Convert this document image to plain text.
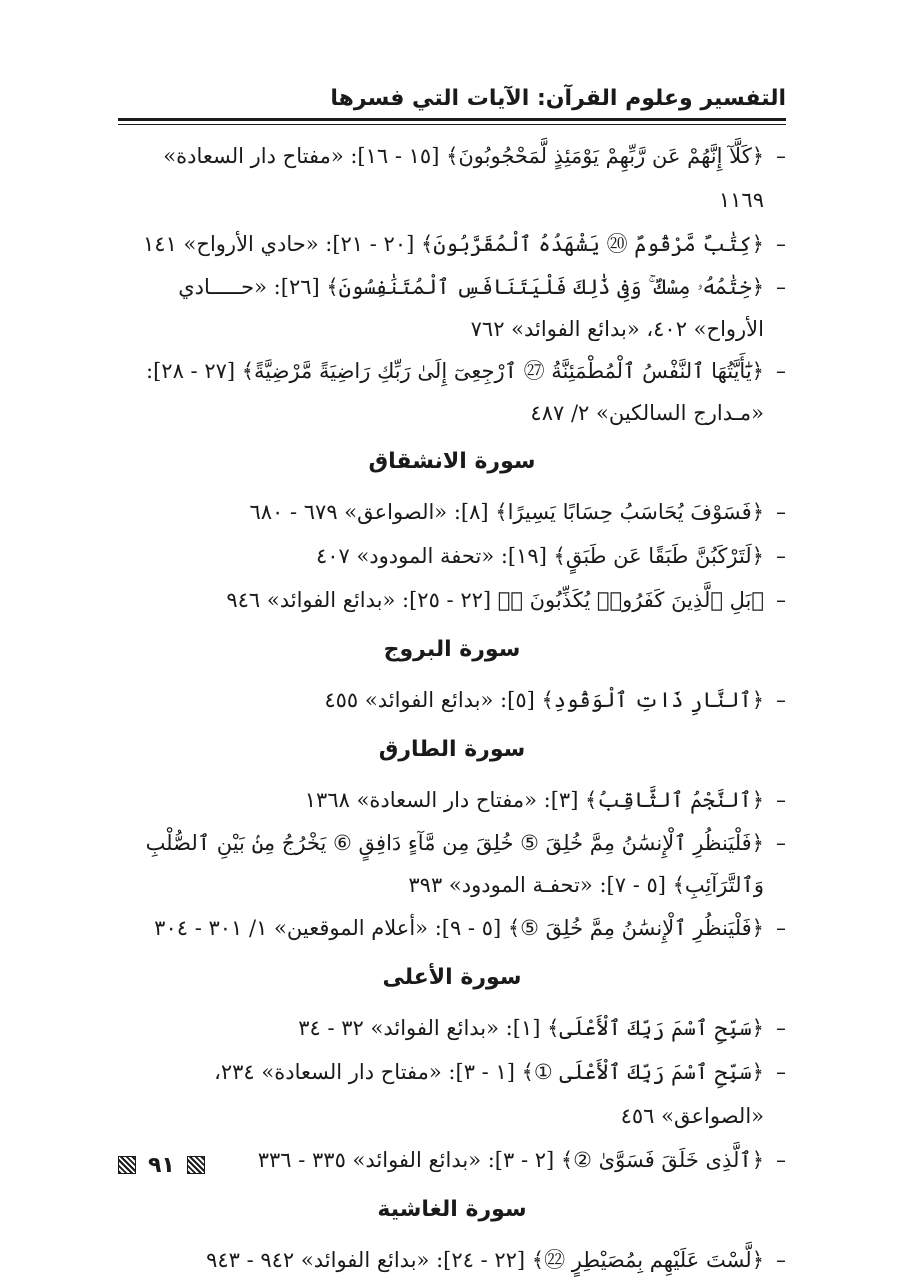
التفسير وعلوم القرآن: الآيات التي فسرها
–
﴿كَلَّآ إِنَّهُمْ عَن رَّبِّهِمْ يَوْمَئِذٍ لَّمَحْجُوبُونَ﴾ [١٥ - ١٦]: «مفتاح دار السعادة» ١١٦٩
–
﴿كِتَٰبٌ مَّرْقُومٌ ⑳ يَشْهَدُهُ ٱلْمُقَرَّبُونَ﴾ [٢٠ - ٢١]: «حادي الأرواح» ١٤١
–
﴿خِتَٰمُهُۥ مِسْكٌ ۚ وَفِى ذَٰلِكَ فَلْيَتَنَافَسِ ٱلْمُتَنَٰفِسُونَ﴾ [٢٦]: «حـــــادي الأرواح» ٤٠٢، «بدائع الفوائد» ٧٦٢
–
﴿يَٰٓأَيَّتُهَا ٱلنَّفْسُ ٱلْمُطْمَئِنَّةُ ㉗ ٱرْجِعِىٓ إِلَىٰ رَبِّكِ رَاضِيَةً مَّرْضِيَّةً﴾ [٢٧ - ٢٨]: «مـدارج السالكين» ٢/ ٤٨٧
سورة الانشقاق
–
﴿فَسَوْفَ يُحَاسَبُ حِسَابًا يَسِيرًا﴾ [٨]: «الصواعق» ٦٧٩ - ٦٨٠
–
﴿لَتَرْكَبُنَّ طَبَقًا عَن طَبَقٍ﴾ [١٩]: «تحفة المودود» ٤٠٧
–
﴿بَلِ ٱلَّذِينَ كَفَرُوا۟ يُكَذِّبُونَ ㉒﴾ [٢٢ - ٢٥]: «بدائع الفوائد» ٩٤٦
سورة البروج
–
﴿ٱلنَّارِ ذَاتِ ٱلْوَقُودِ﴾ [٥]: «بدائع الفوائد» ٤٥٥
سورة الطارق
–
﴿ٱلنَّجْمُ ٱلثَّاقِبُ﴾ [٣]: «مفتاح دار السعادة» ١٣٦٨
–
﴿فَلْيَنظُرِ ٱلْإِنسَٰنُ مِمَّ خُلِقَ ⑤ خُلِقَ مِن مَّآءٍ دَافِقٍ ⑥ يَخْرُجُ مِنۢ بَيْنِ ٱلصُّلْبِ وَٱلتَّرَآئِبِ﴾ [٥ - ٧]: «تحفـة المودود» ٣٩٣
–
﴿فَلْيَنظُرِ ٱلْإِنسَٰنُ مِمَّ خُلِقَ ⑤﴾ [٥ - ٩]: «أعلام الموقعين» ١/ ٣٠١ - ٣٠٤
سورة الأعلى
–
﴿سَبِّحِ ٱسْمَ رَبِّكَ ٱلْأَعْلَى﴾ [١]: «بدائع الفوائد» ٣٢ - ٣٤
–
﴿سَبِّحِ ٱسْمَ رَبِّكَ ٱلْأَعْلَى ①﴾ [١ - ٣]: «مفتاح دار السعادة» ٢٣٤، «الصواعق» ٤٥٦
–
﴿ٱلَّذِى خَلَقَ فَسَوَّىٰ ②﴾ [٢ - ٣]: «بدائع الفوائد» ٣٣٥ - ٣٣٦
سورة الغاشية
–
﴿لَّسْتَ عَلَيْهِم بِمُصَيْطِرٍ ㉒﴾ [٢٢ - ٢٤]: «بدائع الفوائد» ٩٤٢ - ٩٤٣
٩١
